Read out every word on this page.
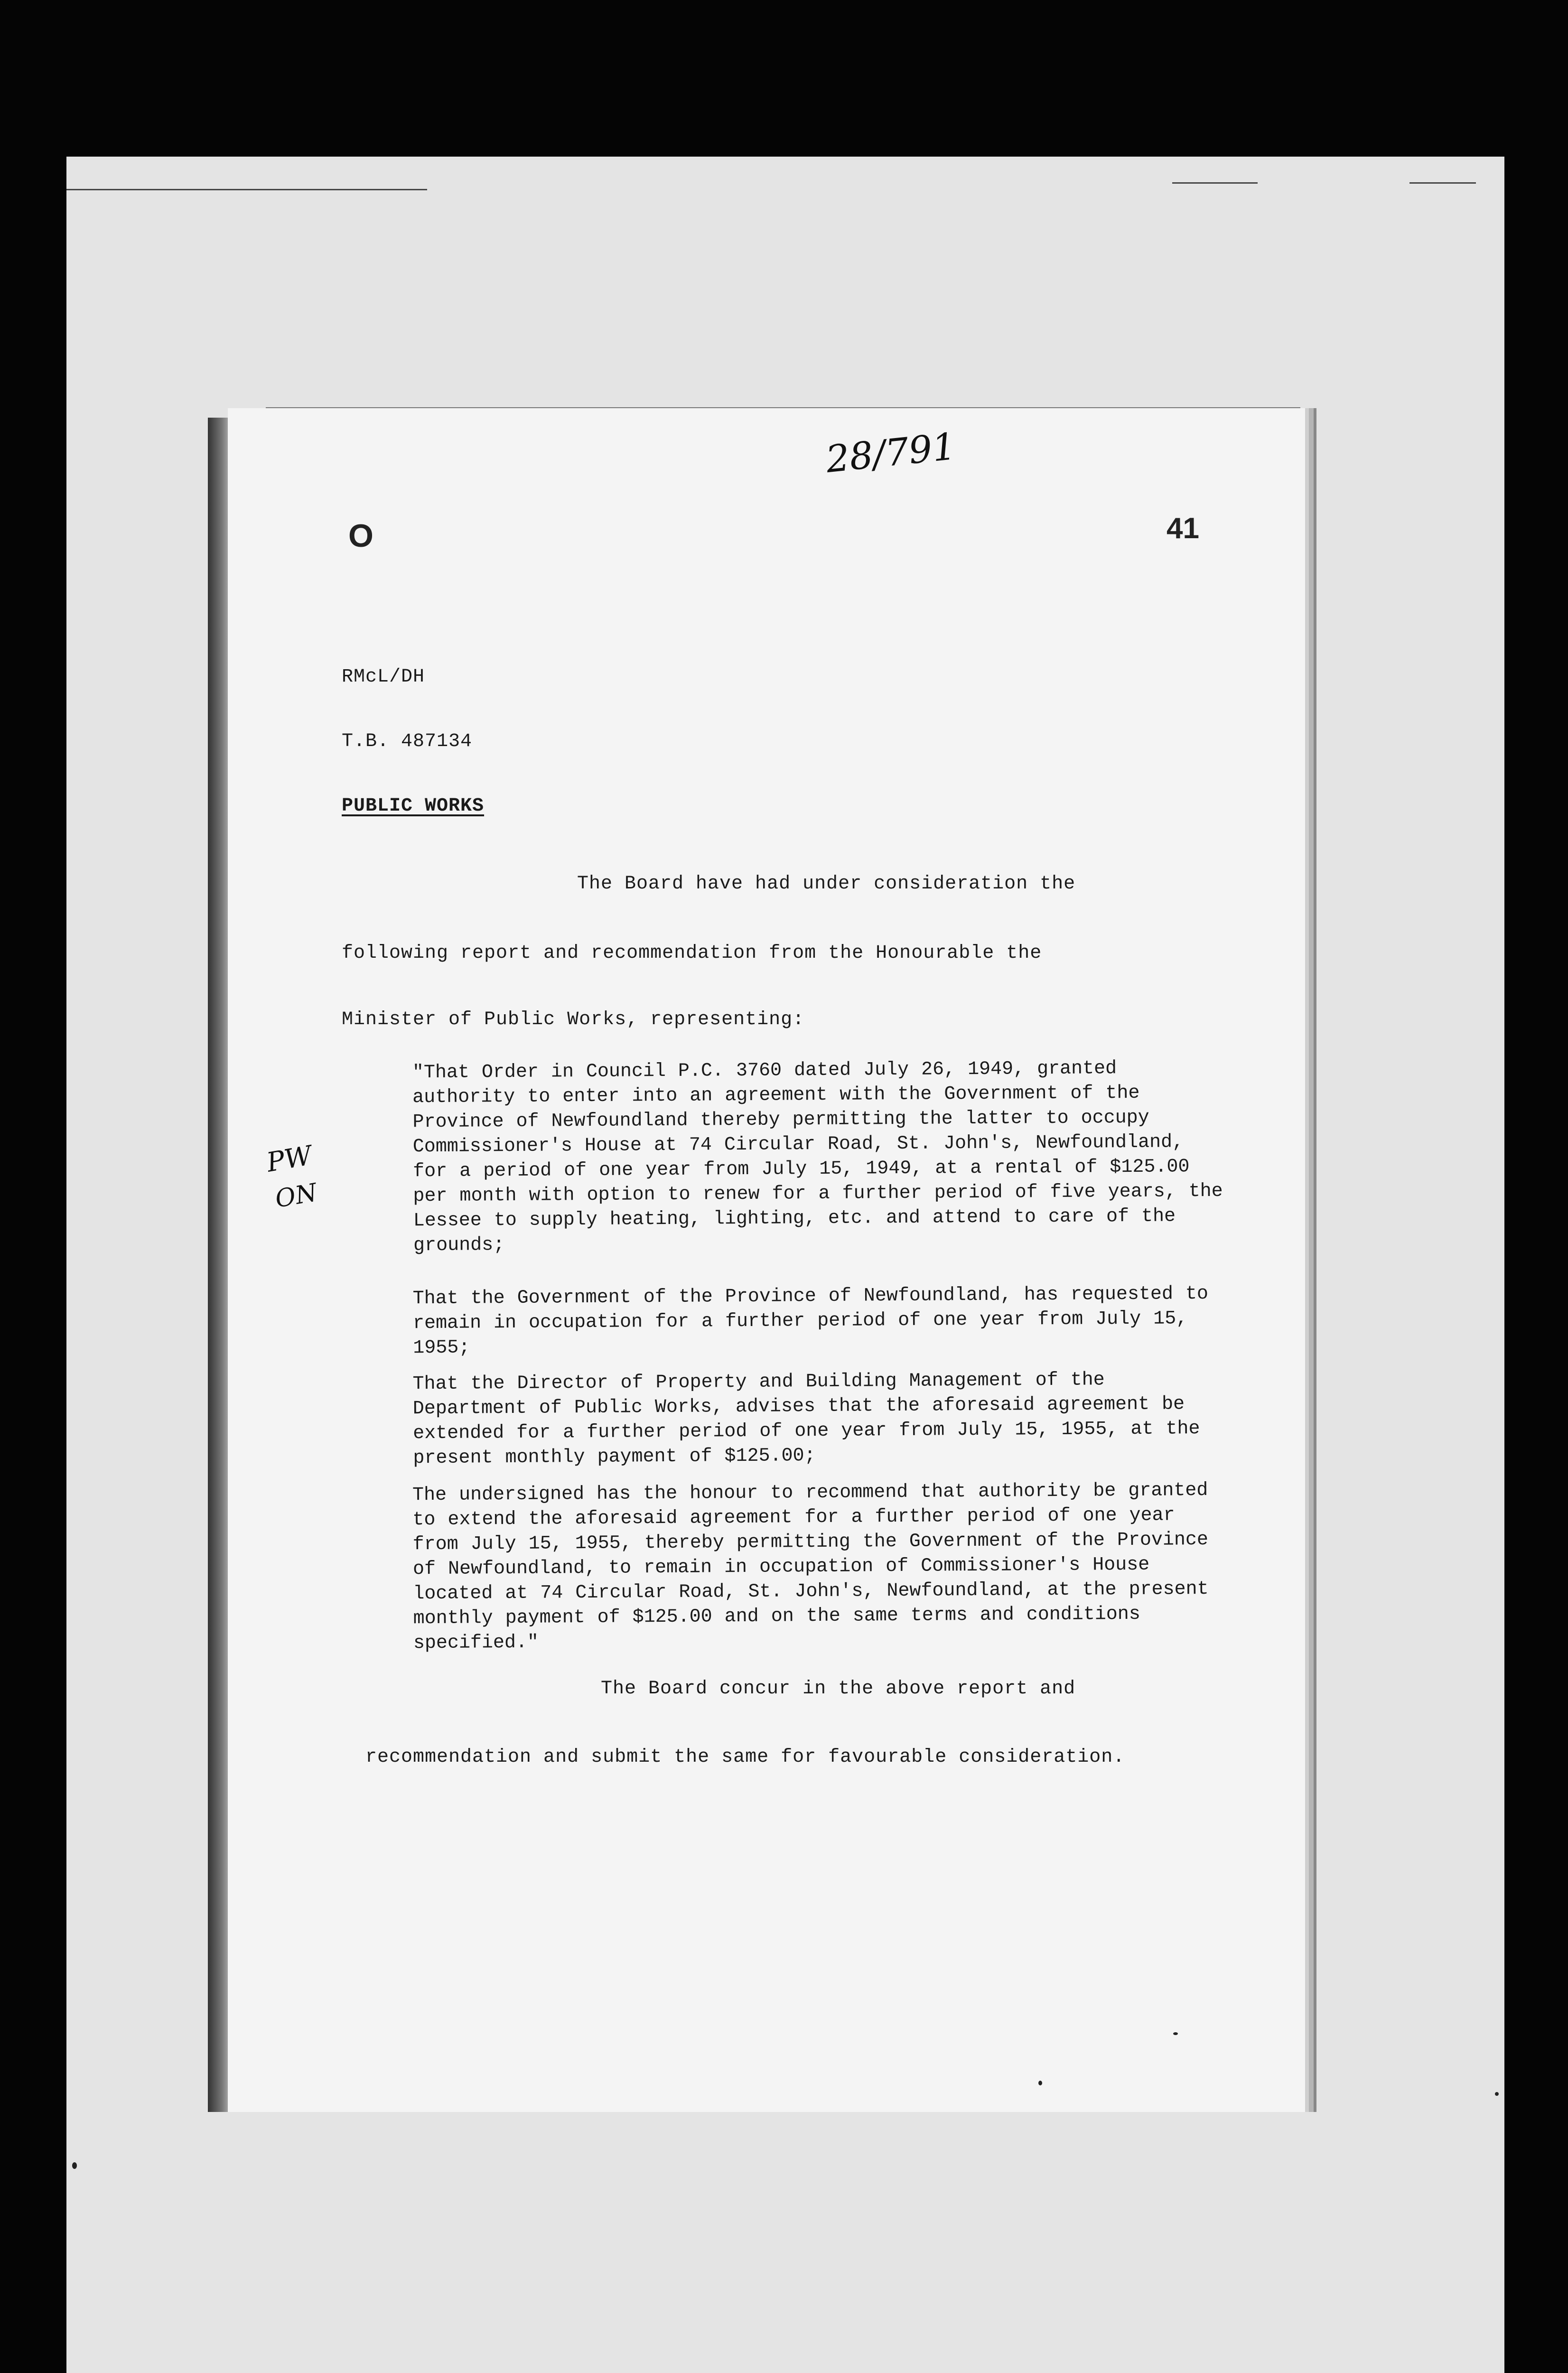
28/791
O	41

RMcL/DH

T.B. 487134

PUBLIC WORKS

The Board have had under consideration the

following report and recommendation from the Honourable the

Minister of Public Works, representing:

PW
ON

"That Order in Council P.C. 3760 dated July 26, 1949, granted authority to enter into an agreement with the Government of the Province of Newfoundland thereby permitting the latter to occupy Commissioner's House at 74 Circular Road, St. John's, Newfoundland, for a period of one year from July 15, 1949, at a rental of $125.00 per month with option to renew for a further period of five years, the Lessee to supply heating, lighting, etc. and attend to care of the grounds;

That the Government of the Province of Newfoundland, has requested to remain in occupation for a further period of one year from July 15, 1955;

That the Director of Property and Building Management of the Department of Public Works, advises that the aforesaid agreement be extended for a further period of one year from July 15, 1955, at the present monthly payment of $125.00;

The undersigned has the honour to recommend that authority be granted to extend the aforesaid agreement for a further period of one year from July 15, 1955, thereby permitting the Government of the Province of Newfoundland, to remain in occupation of Commissioner's House located at 74 Circular Road, St. John's, Newfoundland, at the present monthly payment of $125.00 and on the same terms and conditions specified."

The Board concur in the above report and

recommendation and submit the same for favourable consideration.
